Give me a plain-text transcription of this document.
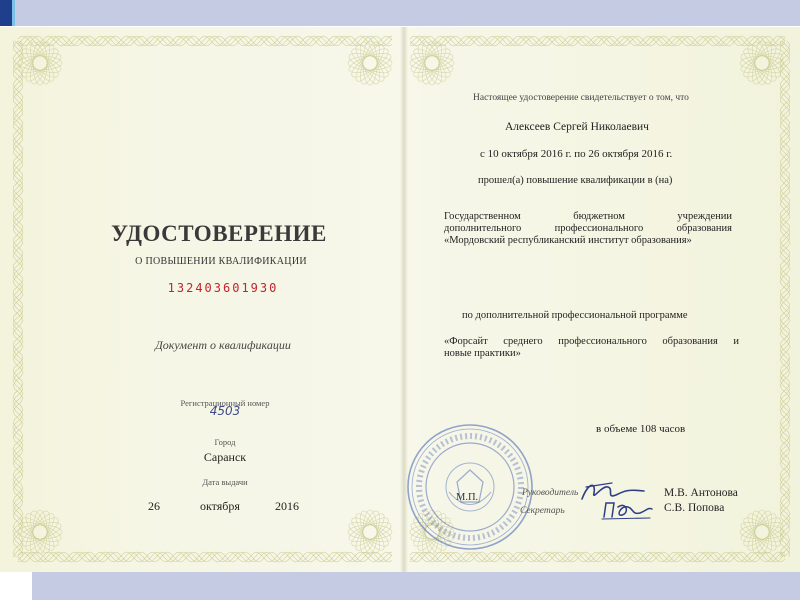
УДОСТОВЕРЕНИЕ
О ПОВЫШЕНИИ КВАЛИФИКАЦИИ
132403601930
Документ о квалификации
Регистрационный номер
4503
Город
Саранск
Дата выдачи
26	октября	2016
Настоящее удостоверение свидетельствует о том, что
Алексеев Сергей Николаевич
с 10 октября 2016 г. по 26 октября 2016 г.
прошел(а) повышение квалификации в (на)
Государственном бюджетном учреждении
дополнительного профессионального образования
«Мордовский республиканский институт образования»
по дополнительной профессиональной программе
«Форсайт среднего профессионального образования и
новые практики»
в объеме 108 часов
М.П.	Руководитель
Секретарь
М.В. Антонова
С.В. Попова
